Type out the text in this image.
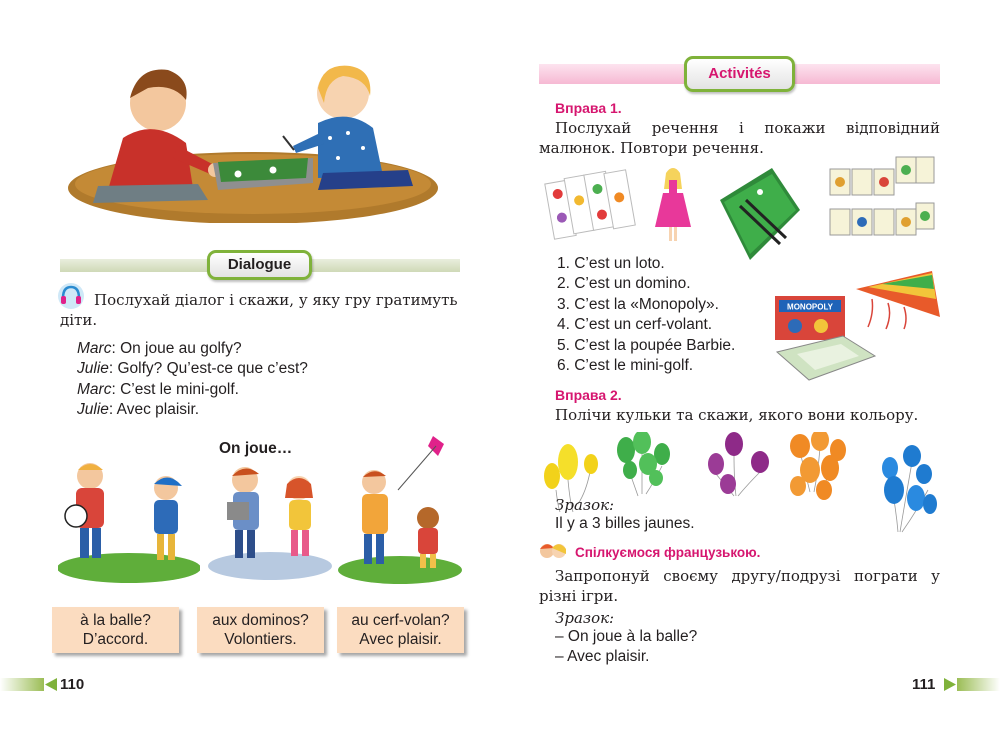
Dialogue
Послухай діалог і скажи, у яку гру гратимуть
діти.
Marc: On joue au golfy?
Julie: Golfy? Qu’est-ce que c’est?
Marc: C’est le mini-golf.
Julie: Avec plaisir.
On joue…
à la balle?
D’accord.
aux dominos?
Volontiers.
au cerf-volan?
Avec plaisir.
110
Activités
Вправа 1.
Послухай речення і покажи відповідний
малюнок. Повтори речення.
1. C’est un loto.
2. C’est un domino.
3. C’est la «Monopoly».
4. C’est un cerf-volant.
5. C’est la poupée Barbie.
6. C’est le mini-golf.
MONOPOLY
Вправа 2.
Полічи кульки та скажи, якого вони кольору.
Зразок:
Il y a 3 billes jaunes.
Спілкуємося французькою.
Запропонуй своєму другу/подрузі пограти у
різні ігри.
Зразок:
– On joue à la balle?
– Avec plaisir.
111
